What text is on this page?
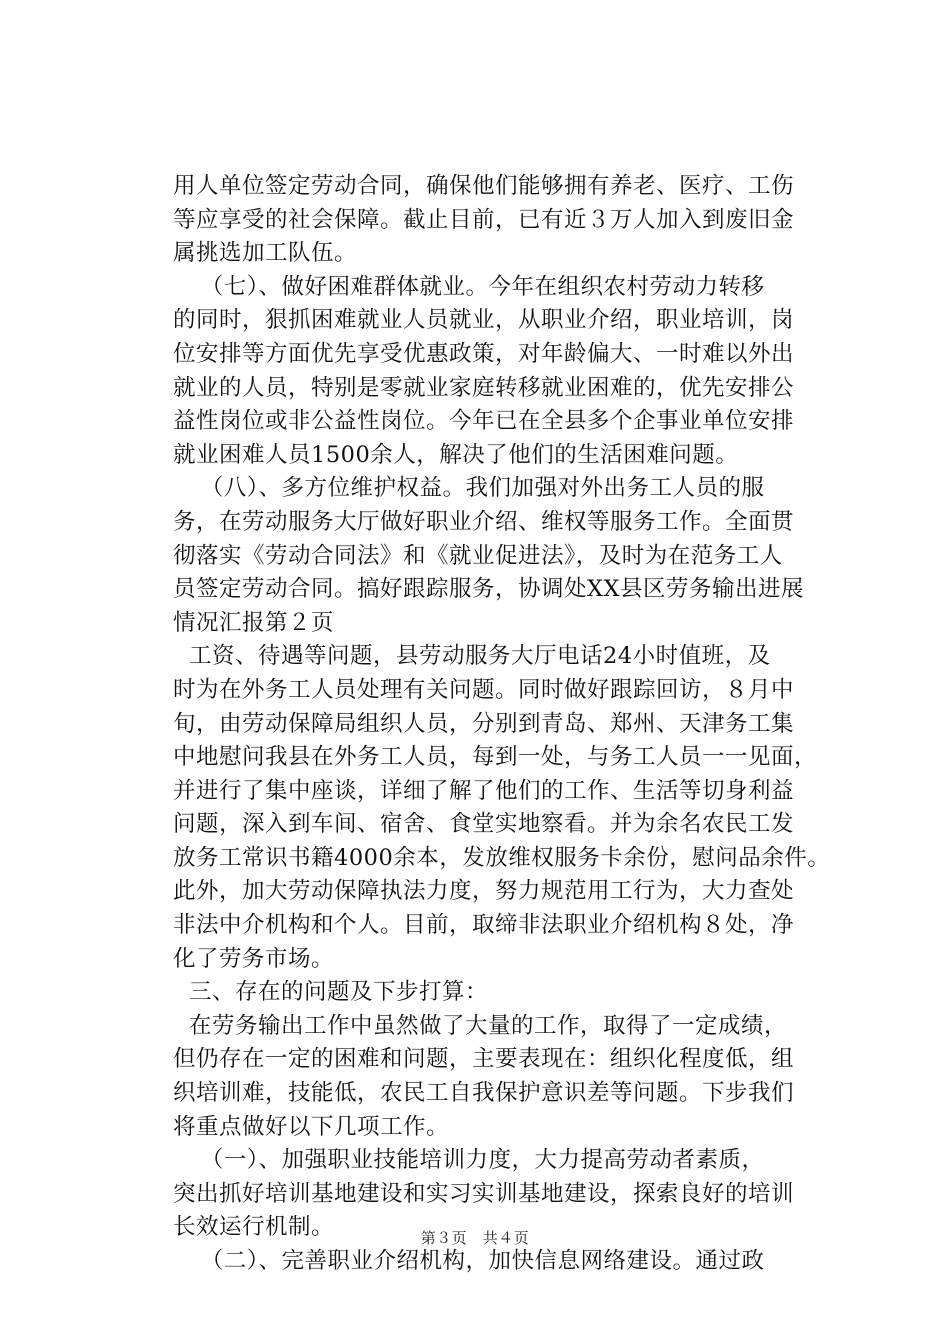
用人单位签定劳动合同，确保他们能够拥有养老、医疗、工伤
等应享受的社会保障。截止目前，已有近３万人加入到废旧金
属挑选加工队伍。
　（七）、做好困难群体就业。今年在组织农村劳动力转移
的同时，狠抓困难就业人员就业，从职业介绍，职业培训，岗
位安排等方面优先享受优惠政策，对年龄偏大、一时难以外出
就业的人员，特别是零就业家庭转移就业困难的，优先安排公
益性岗位或非公益性岗位。今年已在全县多个企事业单位安排
就业困难人员1500余人，解决了他们的生活困难问题。
　（八）、多方位维护权益。我们加强对外出务工人员的服
务，在劳动服务大厅做好职业介绍、维权等服务工作。全面贯
彻落实《劳动合同法》和《就业促进法》，及时为在范务工人
员签定劳动合同。搞好跟踪服务，协调处XX县区劳务输出进展
情况汇报第２页
工资、待遇等问题，县劳动服务大厅电话24小时值班，及
时为在外务工人员处理有关问题。同时做好跟踪回访，８月中
旬，由劳动保障局组织人员，分别到青岛、郑州、天津务工集
中地慰问我县在外务工人员，每到一处，与务工人员一一见面，
并进行了集中座谈，详细了解了他们的工作、生活等切身利益
问题，深入到车间、宿舍、食堂实地察看。并为余名农民工发
放务工常识书籍4000余本，发放维权服务卡余份，慰问品余件。
此外，加大劳动保障执法力度，努力规范用工行为，大力查处
非法中介机构和个人。目前，取缔非法职业介绍机构８处，净
化了劳务市场。
三、存在的问题及下步打算：
在劳务输出工作中虽然做了大量的工作，取得了一定成绩，
但仍存在一定的困难和问题，主要表现在：组织化程度低，组
织培训难，技能低，农民工自我保护意识差等问题。下步我们
将重点做好以下几项工作。
　（一）、加强职业技能培训力度，大力提高劳动者素质，
突出抓好培训基地建设和实习实训基地建设，探索良好的培训
长效运行机制。
　（二）、完善职业介绍机构，加快信息网络建设。通过政
第３页　共４页
